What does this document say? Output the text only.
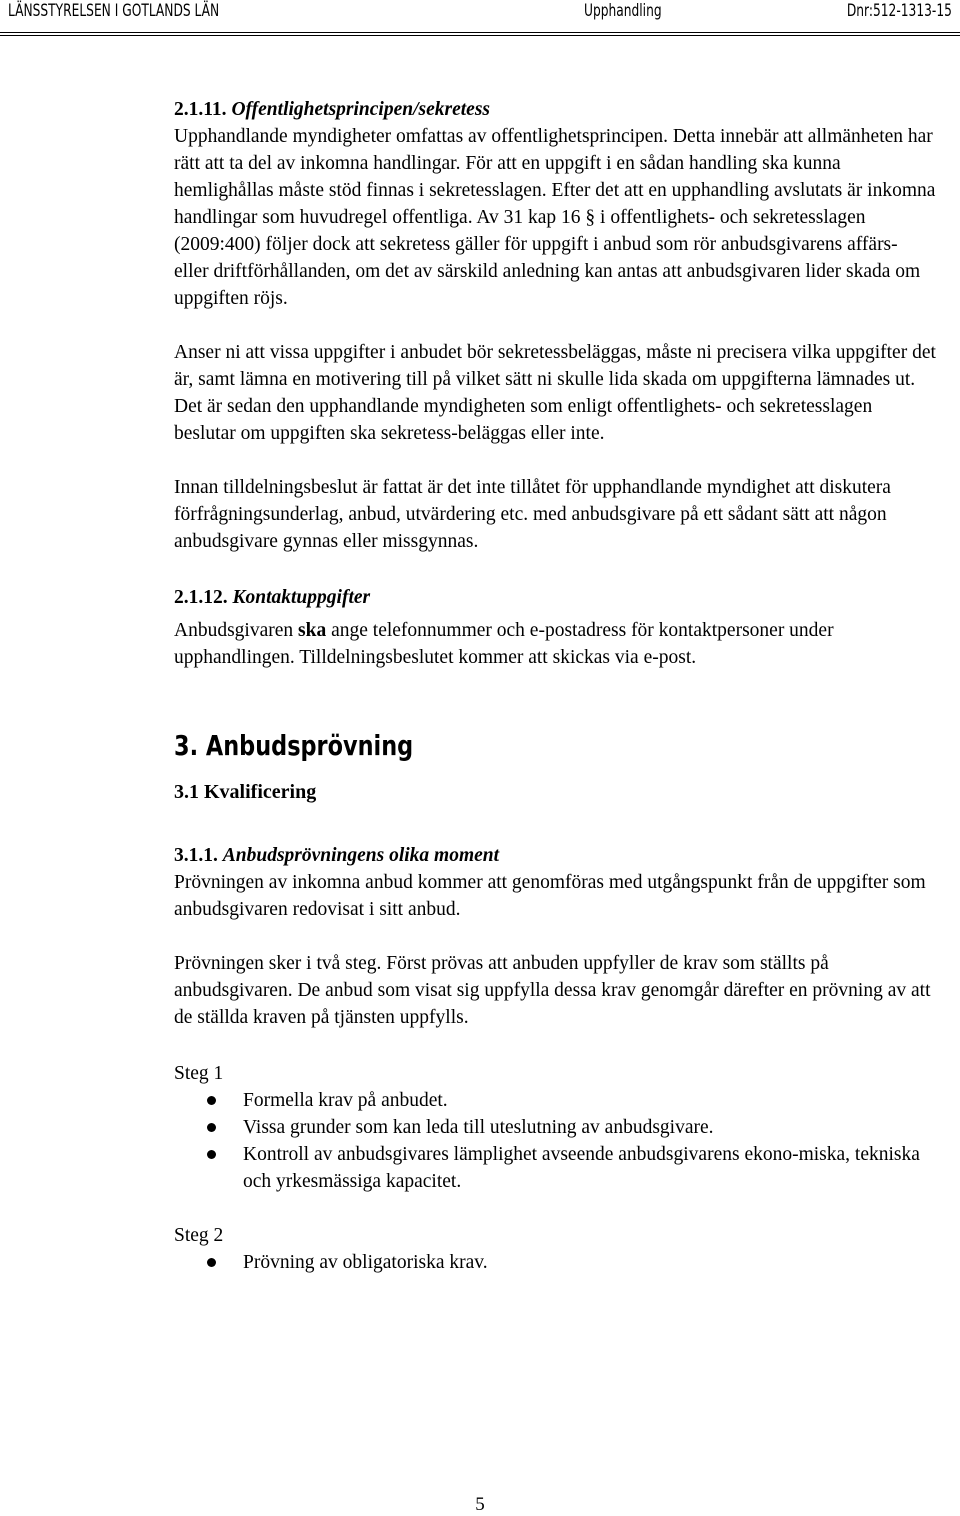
LÄNSSTYRELSEN I GOTLANDS LÄN	Upphandling	Dnr:512-1313-15

2.1.11. Offentlighetsprincipen/sekretess

Upphandlande myndigheter omfattas av offentlighetsprincipen. Detta innebär att allmänheten har rätt att ta del av inkomna handlingar. För att en uppgift i en sådan handling ska kunna hemlighållas måste stöd finnas i sekretesslagen. Efter det att en upphandling avslutats är inkomna handlingar som huvudregel offentliga. Av 31 kap 16 § i offentlighets- och sekretesslagen (2009:400) följer dock att sekretess gäller för uppgift i anbud som rör anbudsgivarens affärs- eller driftförhållanden, om det av särskild anledning kan antas att anbudsgivaren lider skada om uppgiften röjs.

Anser ni att vissa uppgifter i anbudet bör sekretessbeläggas, måste ni precisera vilka uppgifter det är, samt lämna en motivering till på vilket sätt ni skulle lida skada om uppgifterna lämnades ut. Det är sedan den upphandlande myndigheten som enligt offentlighets- och sekretesslagen beslutar om uppgiften ska sekretess-beläggas eller inte.

Innan tilldelningsbeslut är fattat är det inte tillåtet för upphandlande myndighet att diskutera förfrågningsunderlag, anbud, utvärdering etc. med anbudsgivare på ett sådant sätt att någon anbudsgivare gynnas eller missgynnas.

2.1.12. Kontaktuppgifter

Anbudsgivaren ska ange telefonnummer och e-postadress för kontaktpersoner under upphandlingen. Tilldelningsbeslutet kommer att skickas via e-post.

3. Anbudsprövning

3.1 Kvalificering

3.1.1. Anbudsprövningens olika moment

Prövningen av inkomna anbud kommer att genomföras med utgångspunkt från de uppgifter som anbudsgivaren redovisat i sitt anbud.

Prövningen sker i två steg. Först prövas att anbuden uppfyller de krav som ställts på anbudsgivaren. De anbud som visat sig uppfylla dessa krav genomgår därefter en prövning av att de ställda kraven på tjänsten uppfylls.

Steg 1

Formella krav på anbudet.
Vissa grunder som kan leda till uteslutning av anbudsgivare.
Kontroll av anbudsgivares lämplighet avseende anbudsgivarens ekono-miska, tekniska och yrkesmässiga kapacitet.

Steg 2

Prövning av obligatoriska krav.
5
